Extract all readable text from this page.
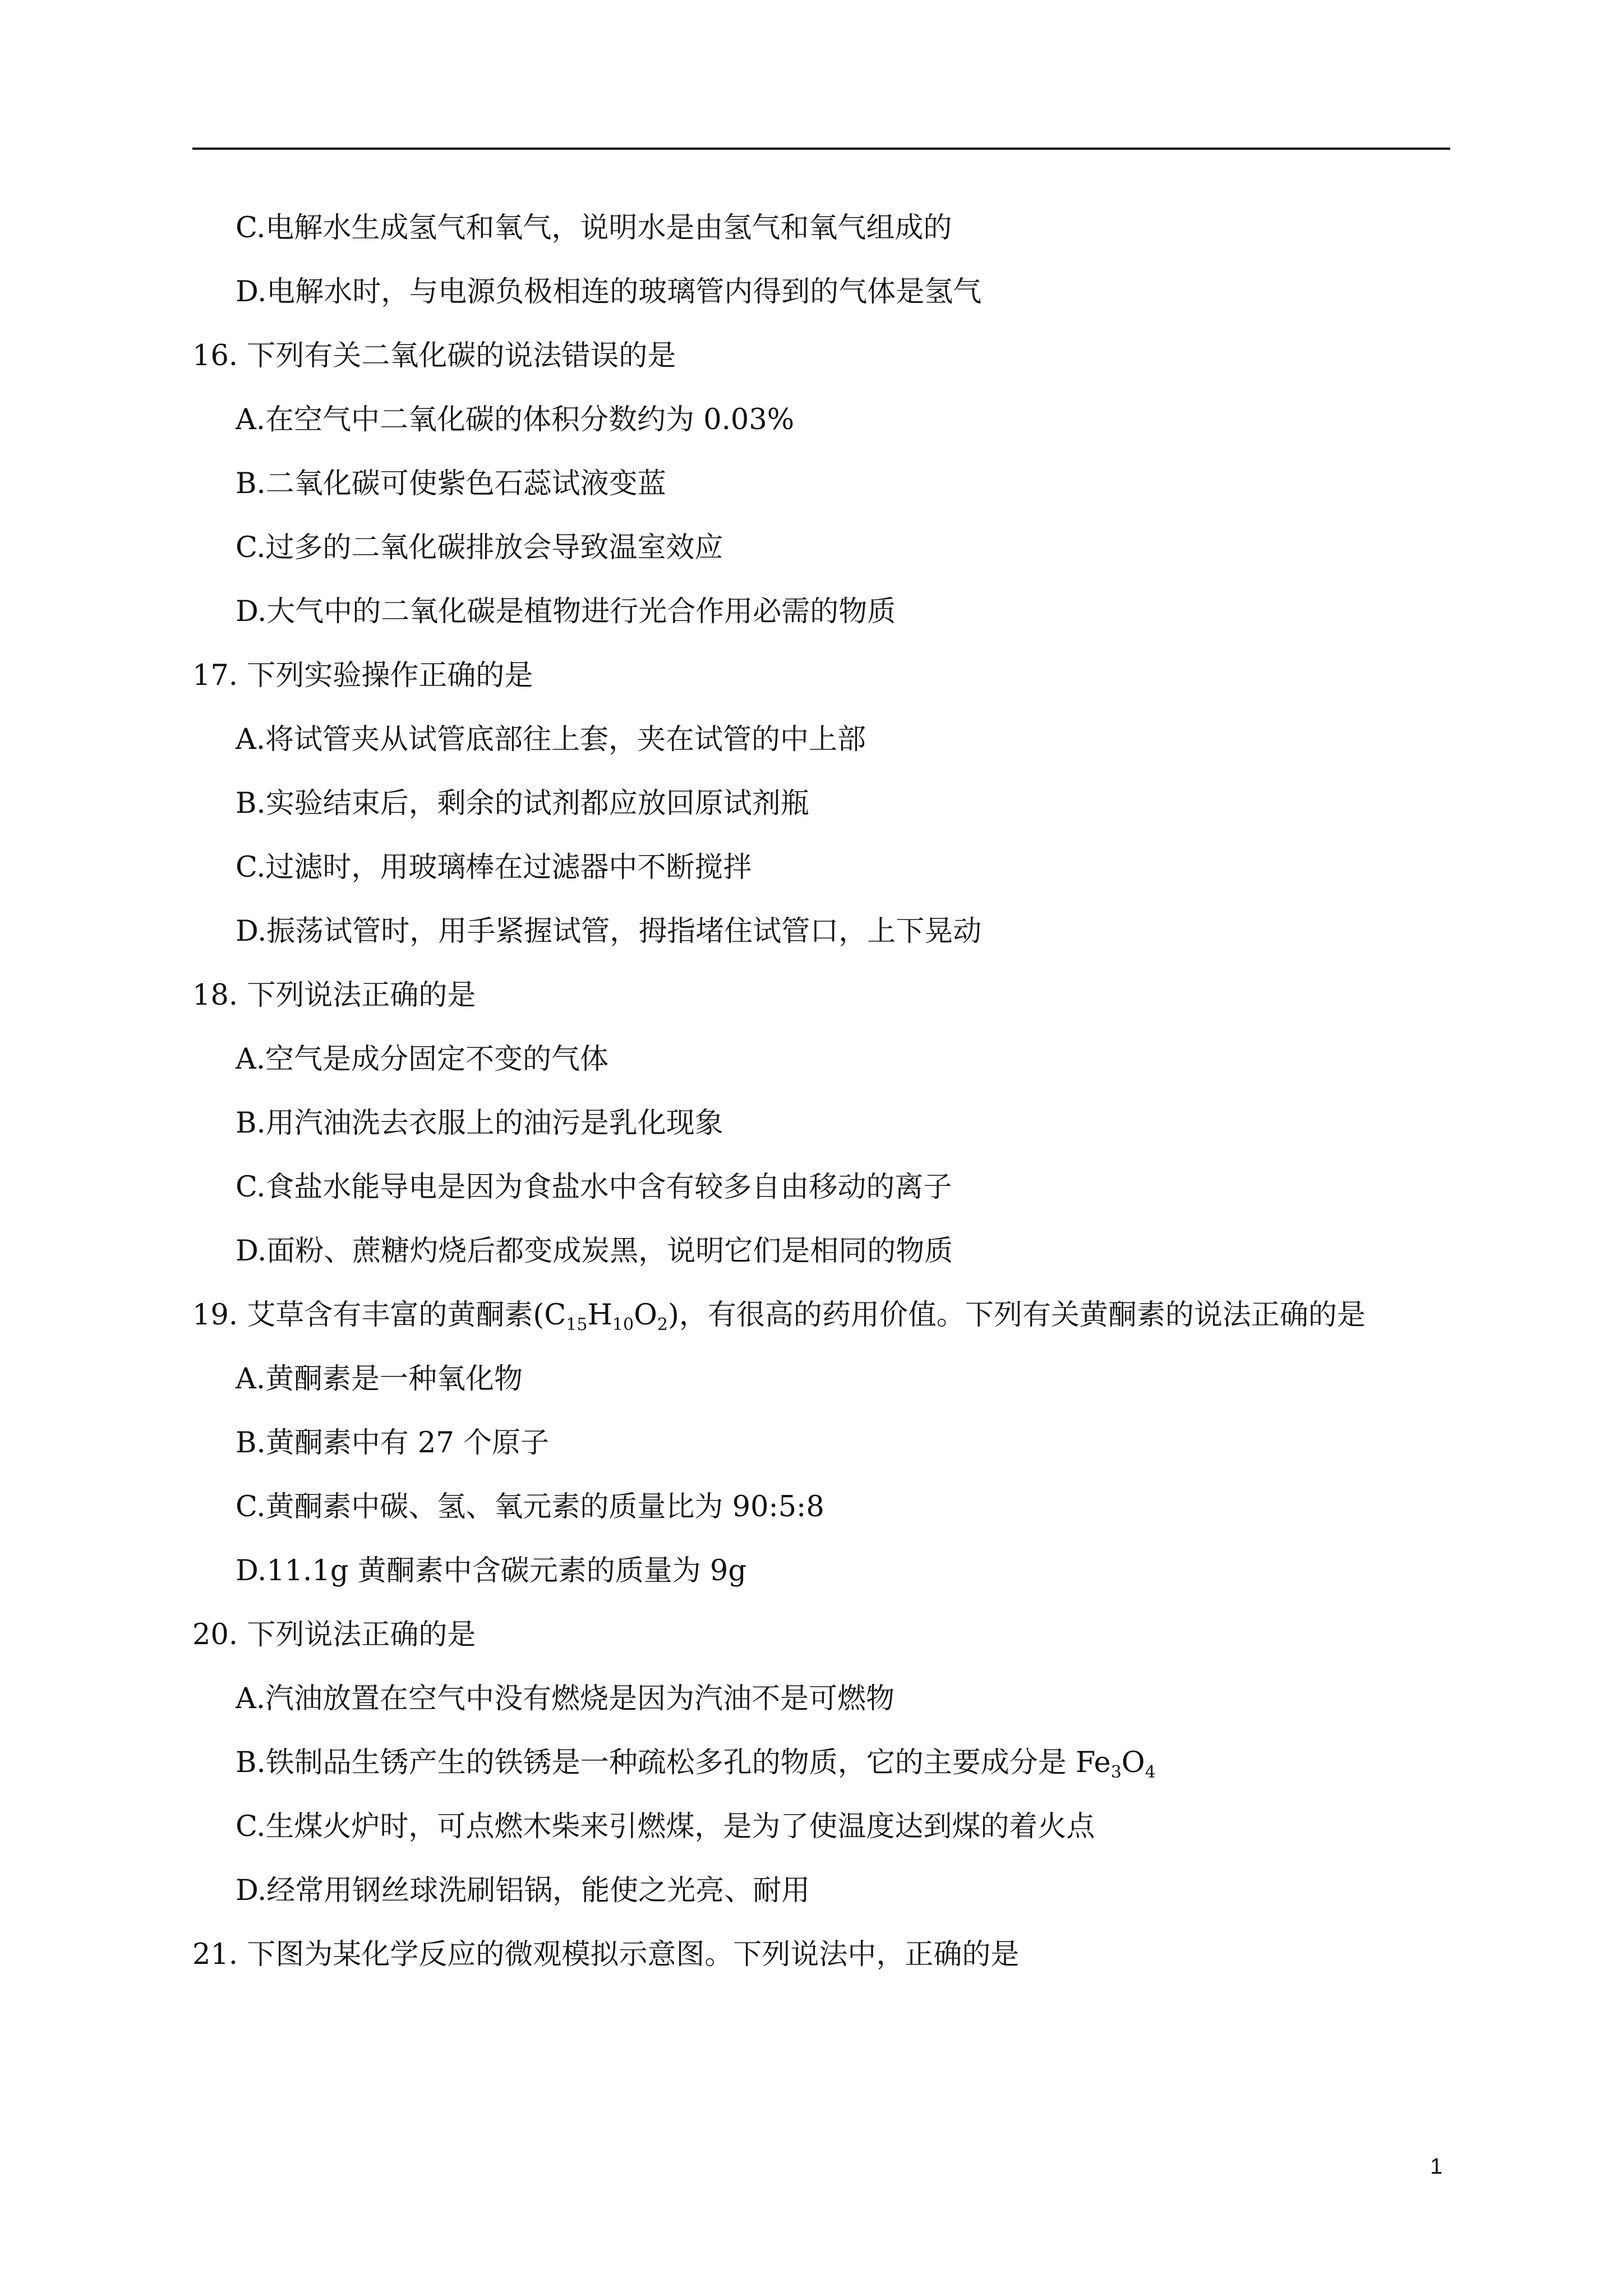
C.电解水生成氢气和氧气，说明水是由氢气和氧气组成的
D.电解水时，与电源负极相连的玻璃管内得到的气体是氢气
16. 下列有关二氧化碳的说法错误的是
A.在空气中二氧化碳的体积分数约为 0.03%
B.二氧化碳可使紫色石蕊试液变蓝
C.过多的二氧化碳排放会导致温室效应
D.大气中的二氧化碳是植物进行光合作用必需的物质
17. 下列实验操作正确的是
A.将试管夹从试管底部往上套，夹在试管的中上部
B.实验结束后，剩余的试剂都应放回原试剂瓶
C.过滤时，用玻璃棒在过滤器中不断搅拌
D.振荡试管时，用手紧握试管，拇指堵住试管口，上下晃动
18. 下列说法正确的是
A.空气是成分固定不变的气体
B.用汽油洗去衣服上的油污是乳化现象
C.食盐水能导电是因为食盐水中含有较多自由移动的离子
D.面粉、蔗糖灼烧后都变成炭黑，说明它们是相同的物质
19. 艾草含有丰富的黄酮素$(C_{15}H_{10}O_2)$，有很高的药用价值。下列有关黄酮素的说法正确的是
A.黄酮素是一种氧化物
B.黄酮素中有 27 个原子
C.黄酮素中碳、氢、氧元素的质量比为 90:5:8
D.11.1g 黄酮素中含碳元素的质量为 9g
20. 下列说法正确的是
A.汽油放置在空气中没有燃烧是因为汽油不是可燃物
B.铁制品生锈产生的铁锈是一种疏松多孔的物质，它的主要成分是 $Fe_3O_4$
C.生煤火炉时，可点燃木柴来引燃煤，是为了使温度达到煤的着火点
D.经常用钢丝球洗刷铝锅，能使之光亮、耐用
21. 下图为某化学反应的微观模拟示意图。下列说法中，正确的是
1
